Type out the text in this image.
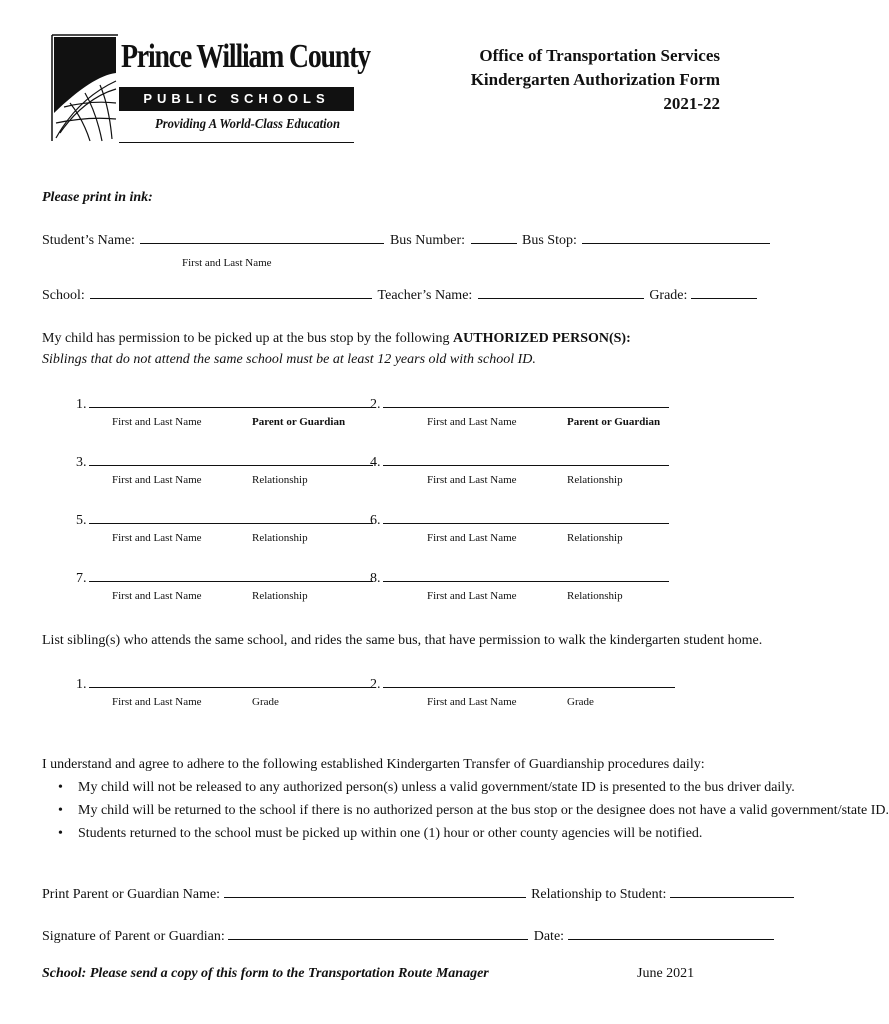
Prince William County
PUBLIC SCHOOLS
Providing A World-Class Education
Office of Transportation Services
Kindergarten Authorization Form
2021-22
Please print in ink:
Student’s Name:	Bus Number:	Bus Stop:
First and Last Name
School:	Teacher’s Name:	Grade:
My child has permission to be picked up at the bus stop by the following AUTHORIZED PERSON(S):
Siblings that do not attend the same school must be at least 12 years old with school ID.
1.	2.
First and Last Name	Parent or Guardian	First and Last Name	Parent or Guardian
3.	4.
First and Last Name	Relationship	First and Last Name	Relationship
5.	6.
First and Last Name	Relationship	First and Last Name	Relationship
7.	8.
First and Last Name	Relationship	First and Last Name	Relationship
List sibling(s) who attends the same school, and rides the same bus, that have permission to walk the kindergarten student home.
1.	2.
First and Last Name	Grade	First and Last Name	Grade
I understand and agree to adhere to the following established Kindergarten Transfer of Guardianship procedures daily:
• My child will not be released to any authorized person(s) unless a valid government/state ID is presented to the bus driver daily.
• My child will be returned to the school if there is no authorized person at the bus stop or the designee does not have a valid government/state ID.
• Students returned to the school must be picked up within one (1) hour or other county agencies will be notified.
Print Parent or Guardian Name:	Relationship to Student:
Signature of Parent or Guardian:	Date:
School: Please send a copy of this form to the Transportation Route Manager	June 2021
